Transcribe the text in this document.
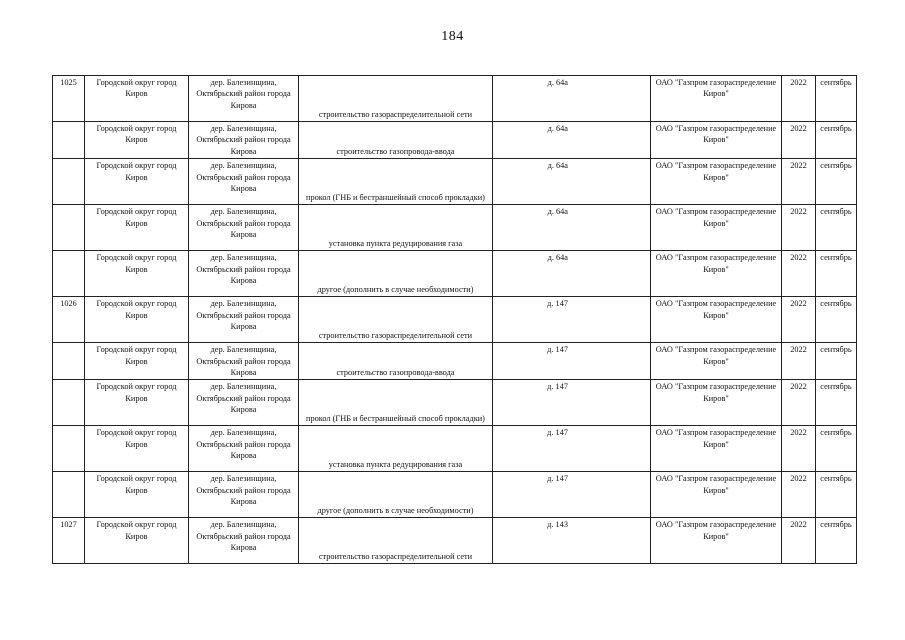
184
1025	Городской округ город Киров	дер. Балезинщина, Октябрьский район города Кирова	строительство газораспределительной сети	д. 64а	ОАО "Газпром газораспределение Киров"	2022	сентябрь
	Городской округ город Киров	дер. Балезинщина, Октябрьский район города Кирова	строительство газопровода-ввода	д. 64а	ОАО "Газпром газораспределение Киров"	2022	сентябрь
	Городской округ город Киров	дер. Балезинщина, Октябрьский район города Кирова	прокол (ГНБ и бестраншейный способ прокладки)	д. 64а	ОАО "Газпром газораспределение Киров"	2022	сентябрь
	Городской округ город Киров	дер. Балезинщина, Октябрьский район города Кирова	установка пункта редуцирования газа	д. 64а	ОАО "Газпром газораспределение Киров"	2022	сентябрь
	Городской округ город Киров	дер. Балезинщина, Октябрьский район города Кирова	другое (дополнить в случае необходимости)	д. 64а	ОАО "Газпром газораспределение Киров"	2022	сентябрь
1026	Городской округ город Киров	дер. Балезинщина, Октябрьский район города Кирова	строительство газораспределительной сети	д. 147	ОАО "Газпром газораспределение Киров"	2022	сентябрь
	Городской округ город Киров	дер. Балезинщина, Октябрьский район города Кирова	строительство газопровода-ввода	д. 147	ОАО "Газпром газораспределение Киров"	2022	сентябрь
	Городской округ город Киров	дер. Балезинщина, Октябрьский район города Кирова	прокол (ГНБ и бестраншейный способ прокладки)	д. 147	ОАО "Газпром газораспределение Киров"	2022	сентябрь
	Городской округ город Киров	дер. Балезинщина, Октябрьский район города Кирова	установка пункта редуцирования газа	д. 147	ОАО "Газпром газораспределение Киров"	2022	сентябрь
	Городской округ город Киров	дер. Балезинщина, Октябрьский район города Кирова	другое (дополнить в случае необходимости)	д. 147	ОАО "Газпром газораспределение Киров"	2022	сентябрь
1027	Городской округ город Киров	дер. Балезинщина, Октябрьский район города Кирова	строительство газораспределительной сети	д. 143	ОАО "Газпром газораспределение Киров"	2022	сентябрь
